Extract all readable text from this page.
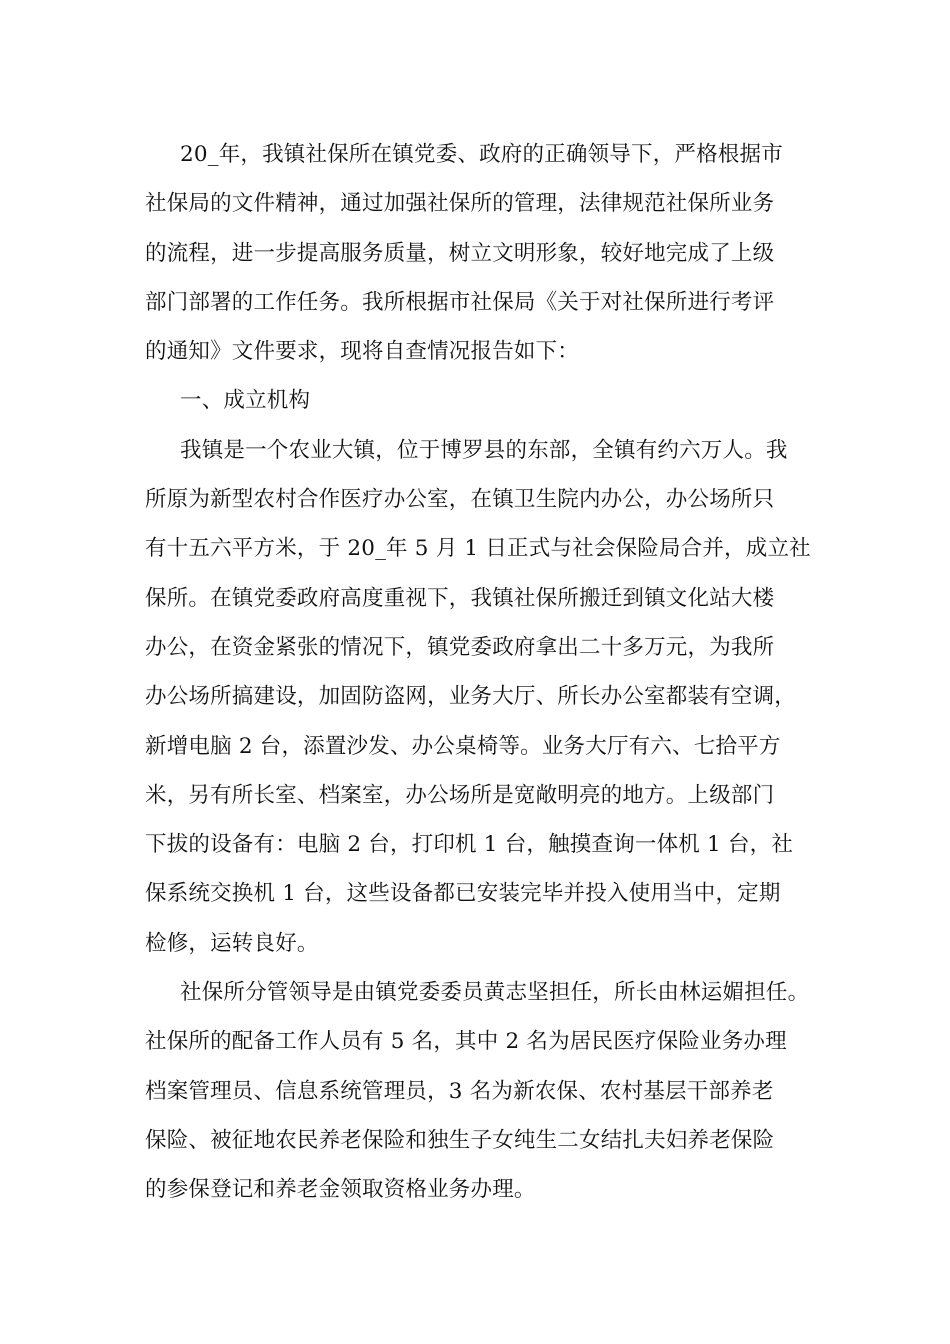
20_年，我镇社保所在镇党委、政府的正确领导下，严格根据市
社保局的文件精神，通过加强社保所的管理，法律规范社保所业务
的流程，进一步提高服务质量，树立文明形象，较好地完成了上级
部门部署的工作任务。我所根据市社保局《关于对社保所进行考评
的通知》文件要求，现将自查情况报告如下：
一、成立机构
我镇是一个农业大镇，位于博罗县的东部，全镇有约六万人。我
所原为新型农村合作医疗办公室，在镇卫生院内办公，办公场所只
有十五六平方米，于 20_年 5 月 1 日正式与社会保险局合并，成立社
保所。在镇党委政府高度重视下，我镇社保所搬迁到镇文化站大楼
办公，在资金紧张的情况下，镇党委政府拿出二十多万元，为我所
办公场所搞建设，加固防盗网，业务大厅、所长办公室都装有空调，
新增电脑 2 台，添置沙发、办公桌椅等。业务大厅有六、七拾平方
米，另有所长室、档案室，办公场所是宽敞明亮的地方。上级部门
下拔的设备有：电脑 2 台，打印机 1 台，触摸查询一体机 1 台，社
保系统交换机 1 台，这些设备都已安装完毕并投入使用当中，定期
检修，运转良好。
社保所分管领导是由镇党委委员黄志坚担任，所长由林运媚担任。
社保所的配备工作人员有 5 名，其中 2 名为居民医疗保险业务办理
档案管理员、信息系统管理员，3 名为新农保、农村基层干部养老
保险、被征地农民养老保险和独生子女纯生二女结扎夫妇养老保险
的参保登记和养老金领取资格业务办理。
